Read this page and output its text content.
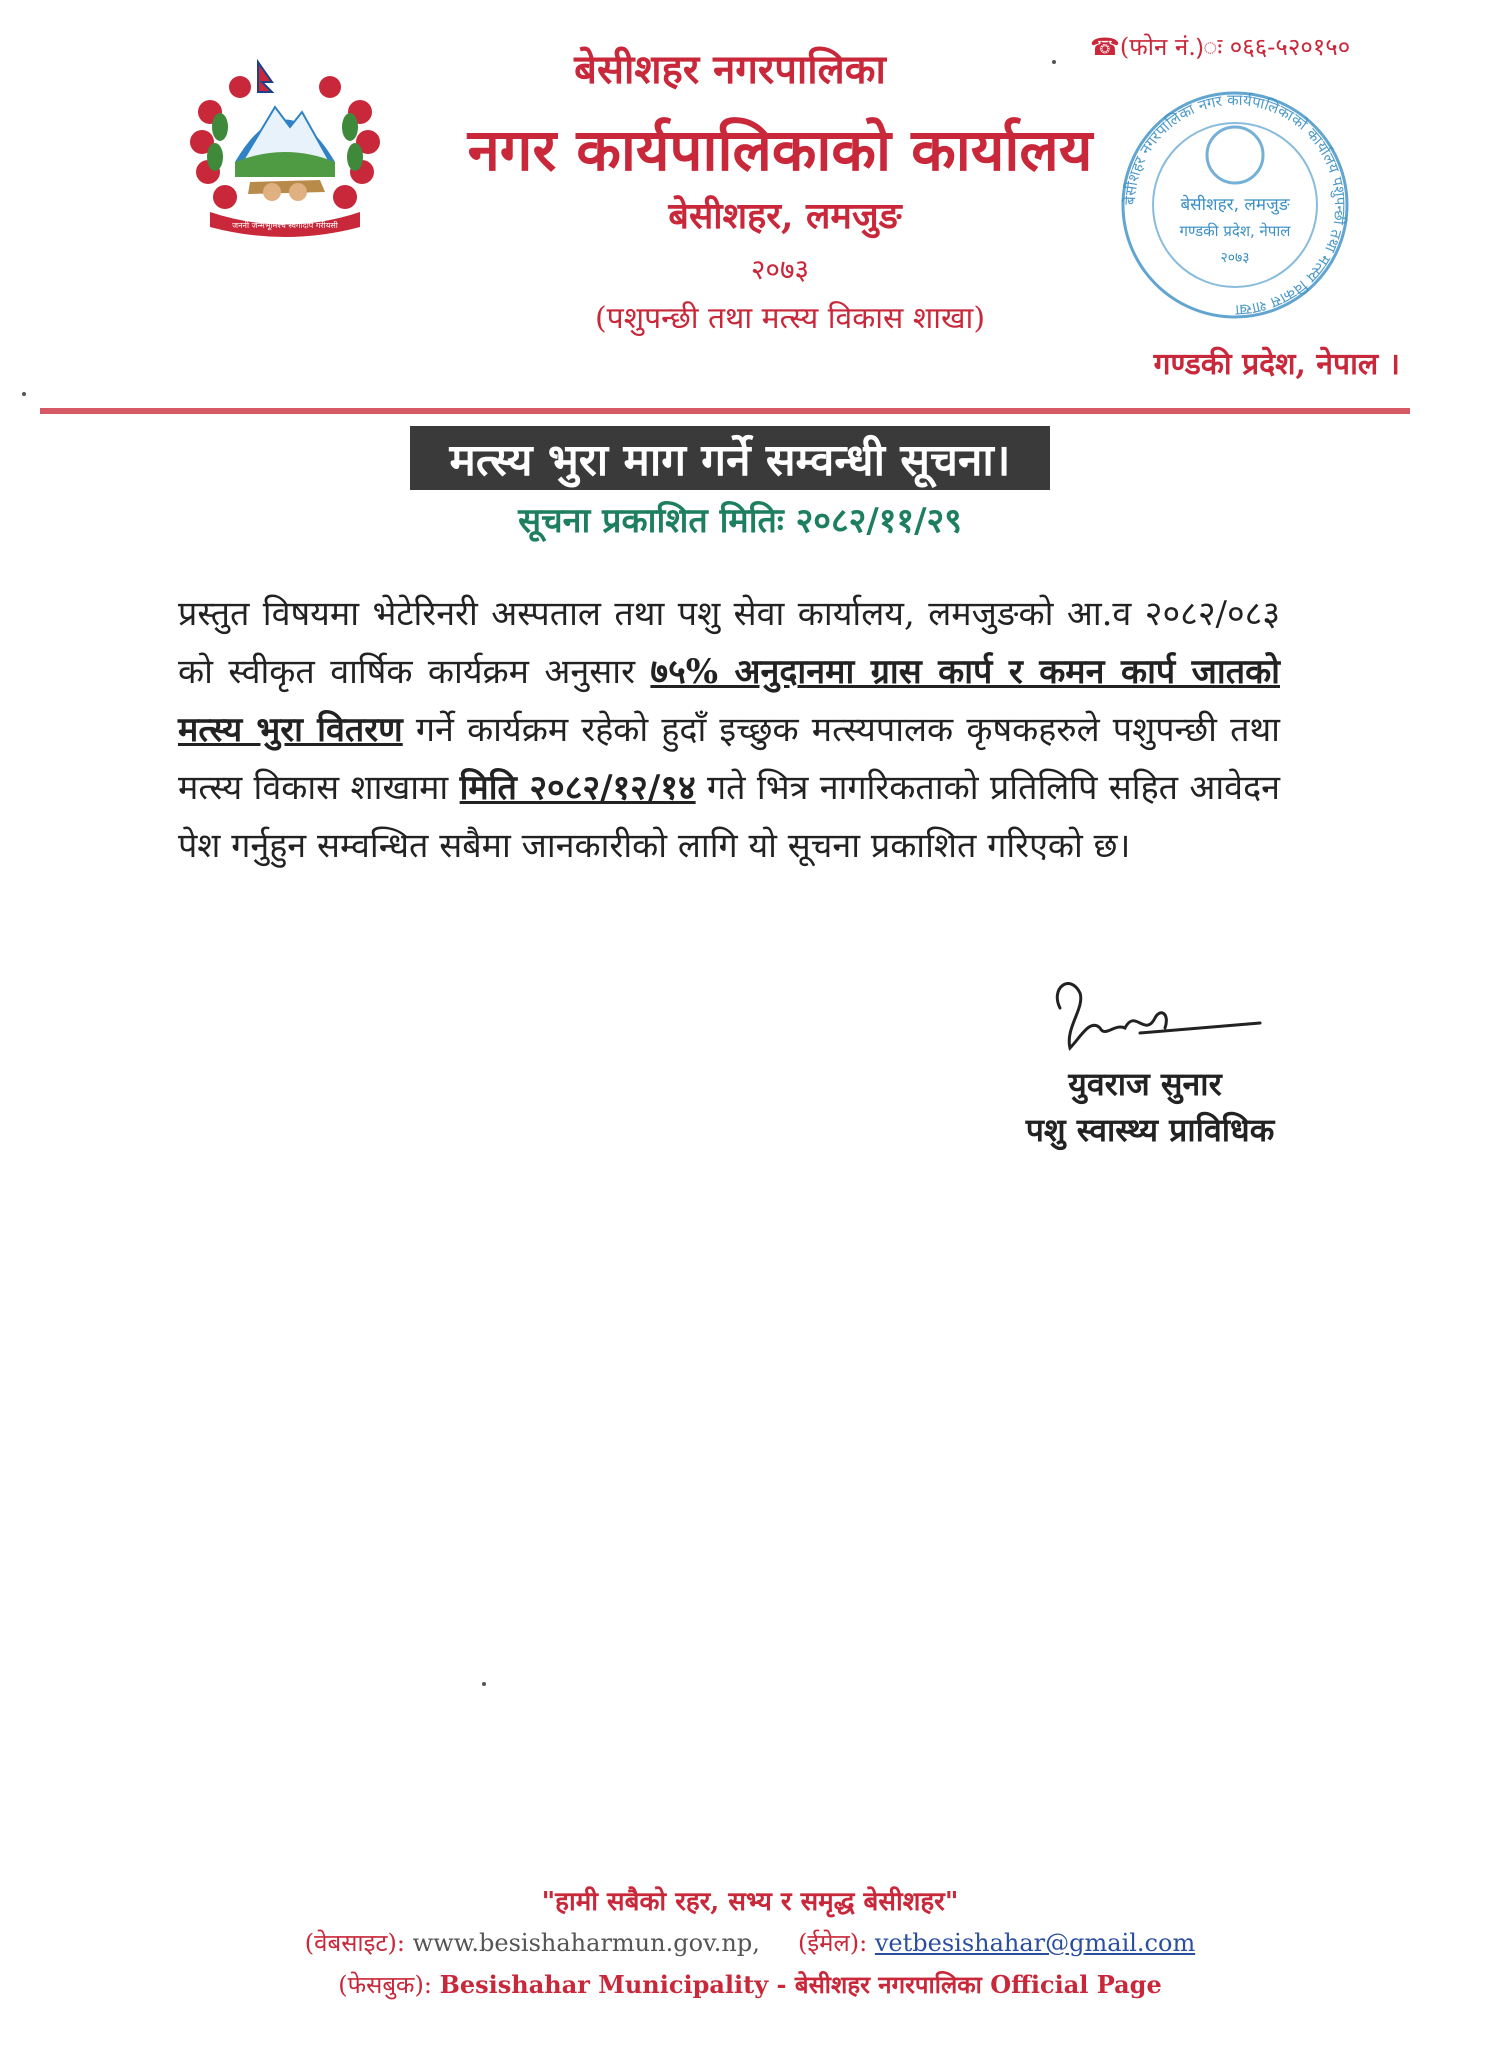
जननी जन्मभूमिश्च स्वर्गादपि गरीयसी
☎(फोन नं.)ः ०६६-५२०१५०
बेसीशहर नगरपालिका
नगर कार्यपालिकाको कार्यालय
बेसीशहर, लमजुङ
२०७३
(पशुपन्छी तथा मत्स्य विकास शाखा)
बेसीशहर नगरपालिका नगर कार्यपालिकाको कार्यालय पशुपन्छी तथा मत्स्य विकास शाखा
बेसीशहर, लमजुङ
गण्डकी प्रदेश, नेपाल
२०७३
गण्डकी प्रदेश, नेपाल ।
मत्स्य भुरा माग गर्ने सम्वन्धी सूचना।
सूचना प्रकाशित मितिः २०८२/११/२९
प्रस्तुत विषयमा भेटेरिनरी अस्पताल तथा पशु सेवा कार्यालय, लमजुङको आ.व २०८२/०८३ को स्वीकृत वार्षिक कार्यक्रम अनुसार ७५% अनुदानमा ग्रास कार्प र कमन कार्प जातको मत्स्य भुरा वितरण गर्ने कार्यक्रम रहेको हुदाँ इच्छुक मत्स्यपालक कृषकहरुले पशुपन्छी तथा मत्स्य विकास शाखामा मिति २०८२/१२/१४ गते भित्र नागरिकताको प्रतिलिपि सहित आवेदन पेश गर्नुहुन सम्वन्धित सबैमा जानकारीको लागि यो सूचना प्रकाशित गरिएको छ।
युवराज सुनार
पशु स्वास्थ्य प्राविधिक
"हामी सबैको रहर, सभ्य र समृद्ध बेसीशहर"
(वेबसाइट): www.besishaharmun.gov.np, (ईमेल): vetbesishahar@gmail.com
(फेसबुक): Besishahar Municipality - बेसीशहर नगरपालिका Official Page
